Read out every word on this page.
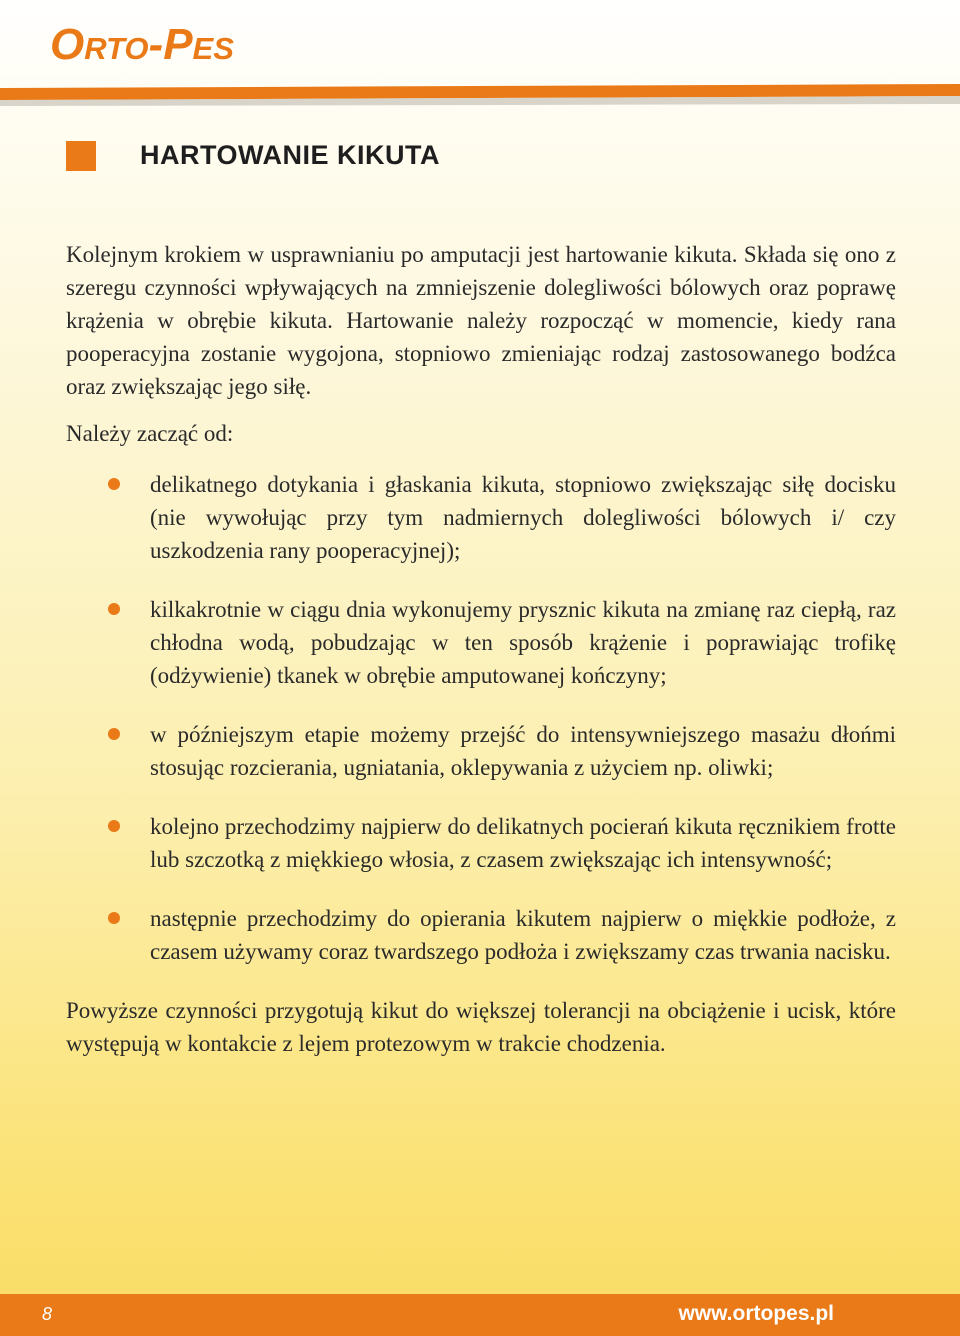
Orto-Pes
HARTOWANIE KIKUTA

Kolejnym krokiem w usprawnianiu po amputacji jest hartowanie kikuta. Składa się ono z szeregu czynności wpływających na zmniejszenie dolegliwości bólowych oraz poprawę krążenia w obrębie kikuta. Hartowanie należy rozpocząć w momencie, kiedy rana pooperacyjna zostanie wygojona, stopniowo zmieniając rodzaj zastosowanego bodźca oraz zwiększając jego siłę.

Należy zacząć od:

delikatnego dotykania i głaskania kikuta, stopniowo zwiększając siłę docisku (nie wywołując przy tym nadmiernych dolegliwości bólowych i/ czy uszkodzenia rany pooperacyjnej);
kilkakrotnie w ciągu dnia wykonujemy prysznic kikuta na zmianę raz ciepłą, raz chłodna wodą, pobudzając w ten sposób krążenie i poprawiając trofikę (odżywienie) tkanek w obrębie amputowanej kończyny;
w późniejszym etapie możemy przejść do intensywniejszego masażu dłońmi stosując rozcierania, ugniatania, oklepywania z użyciem np. oliwki;
kolejno przechodzimy najpierw do delikatnych pocierań kikuta ręcznikiem frotte lub szczotką z miękkiego włosia, z czasem zwiększając ich intensywność;
następnie przechodzimy do opierania kikutem najpierw o miękkie podłoże, z czasem używamy coraz twardszego podłoża i zwiększamy czas trwania nacisku.

Powyższe czynności przygotują kikut do większej tolerancji na obciążenie i ucisk, które występują w kontakcie z lejem protezowym w trakcie chodzenia.

8	www.ortopes.pl
